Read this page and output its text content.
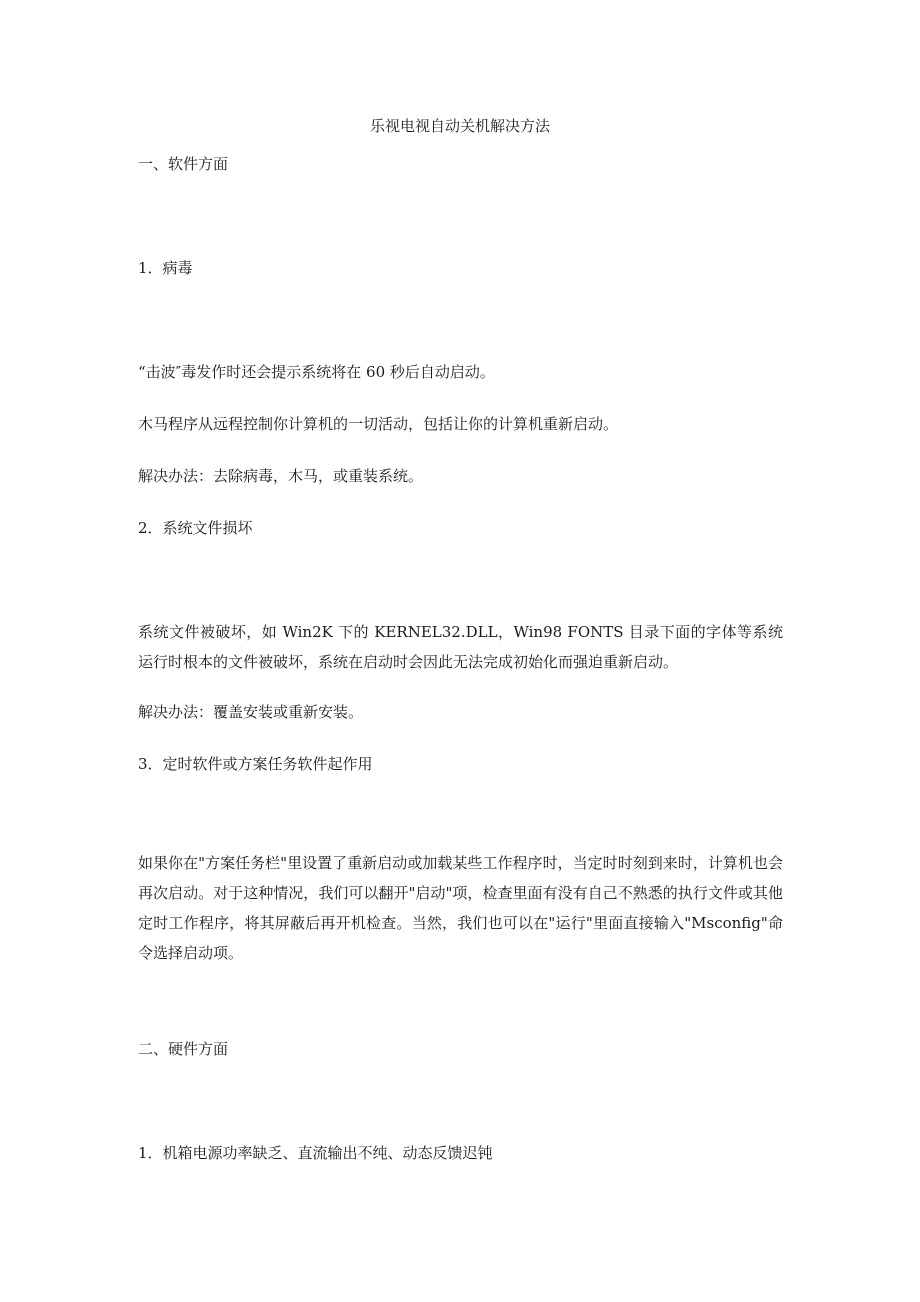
乐视电视自动关机解决方法
一、软件方面
1．病毒
“击波″毒发作时还会提示系统将在 60 秒后自动启动。
木马程序从远程控制你计算机的一切活动，包括让你的计算机重新启动。
解决办法：去除病毒，木马，或重装系统。
2．系统文件损坏
系统文件被破坏，如 Win2K 下的 KERNEL32.DLL，Win98 FONTS 目录下面的字体等系统运行时根本的文件被破坏，系统在启动时会因此无法完成初始化而强迫重新启动。
解决办法：覆盖安装或重新安装。
3．定时软件或方案任务软件起作用
如果你在"方案任务栏"里设置了重新启动或加载某些工作程序时，当定时时刻到来时，计算机也会再次启动。对于这种情况，我们可以翻开"启动"项，检查里面有没有自己不熟悉的执行文件或其他定时工作程序，将其屏蔽后再开机检查。当然，我们也可以在"运行"里面直接输入"Msconfig"命令选择启动项。
二、硬件方面
1．机箱电源功率缺乏、直流输出不纯、动态反馈迟钝
